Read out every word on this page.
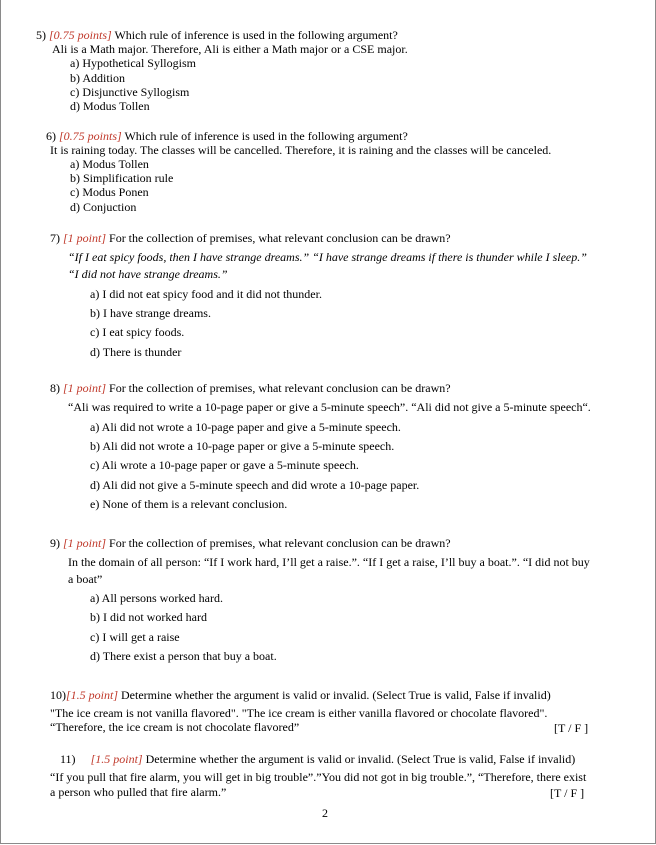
5) [0.75 points] Which rule of inference is used in the following argument?
Ali is a Math major. Therefore, Ali is either a Math major or a CSE major.
a) Hypothetical Syllogism
b) Addition
c) Disjunctive Syllogism
d) Modus Tollen
6) [0.75 points] Which rule of inference is used in the following argument?
It is raining today. The classes will be cancelled. Therefore, it is raining and the classes will be canceled.
a) Modus Tollen
b) Simplification rule
c) Modus Ponen
d) Conjuction
7) [1 point] For the collection of premises, what relevant conclusion can be drawn?
“If I eat spicy foods, then I have strange dreams.” “I have strange dreams if there is thunder while I sleep.”
“I did not have strange dreams.”
a) I did not eat spicy food and it did not thunder.
b) I have strange dreams.
c) I eat spicy foods.
d) There is thunder
8) [1 point] For the collection of premises, what relevant conclusion can be drawn?
“Ali was required to write a 10-page paper or give a 5-minute speech”. “Ali did not give a 5-minute speech“.
a) Ali did not wrote a 10-page paper and give a 5-minute speech.
b) Ali did not wrote a 10-page paper or give a 5-minute speech.
c) Ali wrote a 10-page paper or gave a 5-minute speech.
d) Ali did not give a 5-minute speech and did wrote a 10-page paper.
e) None of them is a relevant conclusion.
9) [1 point] For the collection of premises, what relevant conclusion can be drawn?
In the domain of all person: “If I work hard, I’ll get a raise.”. “If I get a raise, I’ll buy a boat.”. “I did not buy
a boat”
a) All persons worked hard.
b) I did not worked hard
c) I will get a raise
d) There exist a person that buy a boat.
10)[1.5 point] Determine whether the argument is valid or invalid. (Select True is valid, False if invalid)
"The ice cream is not vanilla flavored". "The ice cream is either vanilla flavored or chocolate flavored".
“Therefore, the ice cream is not chocolate flavored”	[T / F ]
11) [1.5 point] Determine whether the argument is valid or invalid. (Select True is valid, False if invalid)
“If you pull that fire alarm, you will get in big trouble”.”You did not got in big trouble.”, “Therefore, there exist
a person who pulled that fire alarm.”	[T / F ]
2
